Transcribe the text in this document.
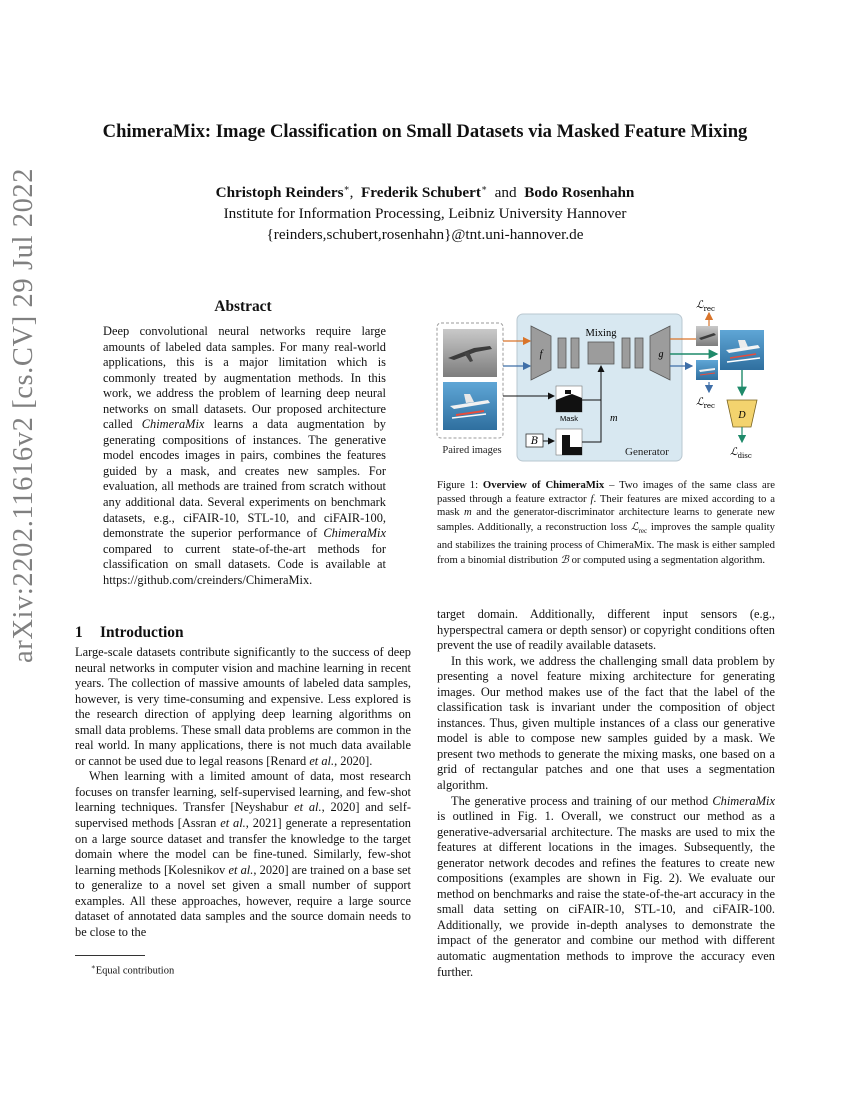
ChimeraMix: Image Classification on Small Datasets via Masked Feature Mixing
Christoph Reinders∗, Frederik Schubert∗ and Bodo Rosenhahn
Institute for Information Processing, Leibniz University Hannover
{reinders,schubert,rosenhahn}@tnt.uni-hannover.de
arXiv:2202.11616v2 [cs.CV] 29 Jul 2022	Abstract

Deep convolutional neural networks require large amounts of labeled data samples. For many real-world applications, this is a major limitation which is commonly treated by augmentation methods. In this work, we address the problem of learning deep neural networks on small datasets. Our proposed architecture called ChimeraMix learns a data augmentation by generating compositions of instances. The generative model encodes images in pairs, combines the features guided by a mask, and creates new samples. For evaluation, all methods are trained from scratch without any additional data. Several experiments on benchmark datasets, e.g., ciFAIR-10, STL-10, and ciFAIR-100, demonstrate the superior performance of ChimeraMix compared to current state-of-the-art methods for classification on small datasets. Code is available at https://github.com/creinders/ChimeraMix.

1 Introduction

Large-scale datasets contribute significantly to the success of deep neural networks in computer vision and machine learning in recent years. The collection of massive amounts of labeled data samples, however, is very time-consuming and expensive. Less explored is the research direction of applying deep learning algorithms on small data problems. These small data problems are common in the real world. In many applications, there is not much data available or cannot be used due to legal reasons [Renard et al., 2020].

When learning with a limited amount of data, most research focuses on transfer learning, self-supervised learning, and few-shot learning techniques. Transfer [Neyshabur et al., 2020] and self-supervised methods [Assran et al., 2021] generate a representation on a large source dataset and transfer the knowledge to the target domain where the model can be fine-tuned. Similarly, few-shot learning methods [Kolesnikov et al., 2020] are trained on a base set to generalize to a novel set given a small number of support examples. All these approaches, however, require a large source dataset of annotated data samples and the source domain needs to be close to the

∗Equal contribution
Paired images	Generator
f
Mixing
g
Mask
B
m
ℒ$_{rec}$
ℒ$_{rec}$
D
ℒ$_{disc}$

Figure 1: Overview of ChimeraMix – Two images of the same class are passed through a feature extractor f. Their features are mixed according to a mask m and the generator-discriminator architecture learns to generate new samples. Additionally, a reconstruction loss ℒ$_{rec}$ improves the sample quality and stabilizes the training process of ChimeraMix. The mask is either sampled from a binomial distribution ℬ or computed using a segmentation algorithm.

target domain. Additionally, different input sensors (e.g., hyperspectral camera or depth sensor) or copyright conditions often prevent the use of readily available datasets.

In this work, we address the challenging small data problem by presenting a novel feature mixing architecture for generating images. Our method makes use of the fact that the label of the classification task is invariant under the composition of object instances. Thus, given multiple instances of a class our generative model is able to compose new samples guided by a mask. We present two methods to generate the mixing masks, one based on a grid of rectangular patches and one that uses a segmentation algorithm.

The generative process and training of our method ChimeraMix is outlined in Fig. 1. Overall, we construct our method as a generative-adversarial architecture. The masks are used to mix the features at different locations in the images. Subsequently, the generator network decodes and refines the features to create new compositions (examples are shown in Fig. 2). We evaluate our method on benchmarks and raise the state-of-the-art accuracy in the small data setting on ciFAIR-10, STL-10, and ciFAIR-100. Additionally, we provide in-depth analyses to demonstrate the impact of the generator and combine our method with different automatic augmentation methods to improve the accuracy even further.
